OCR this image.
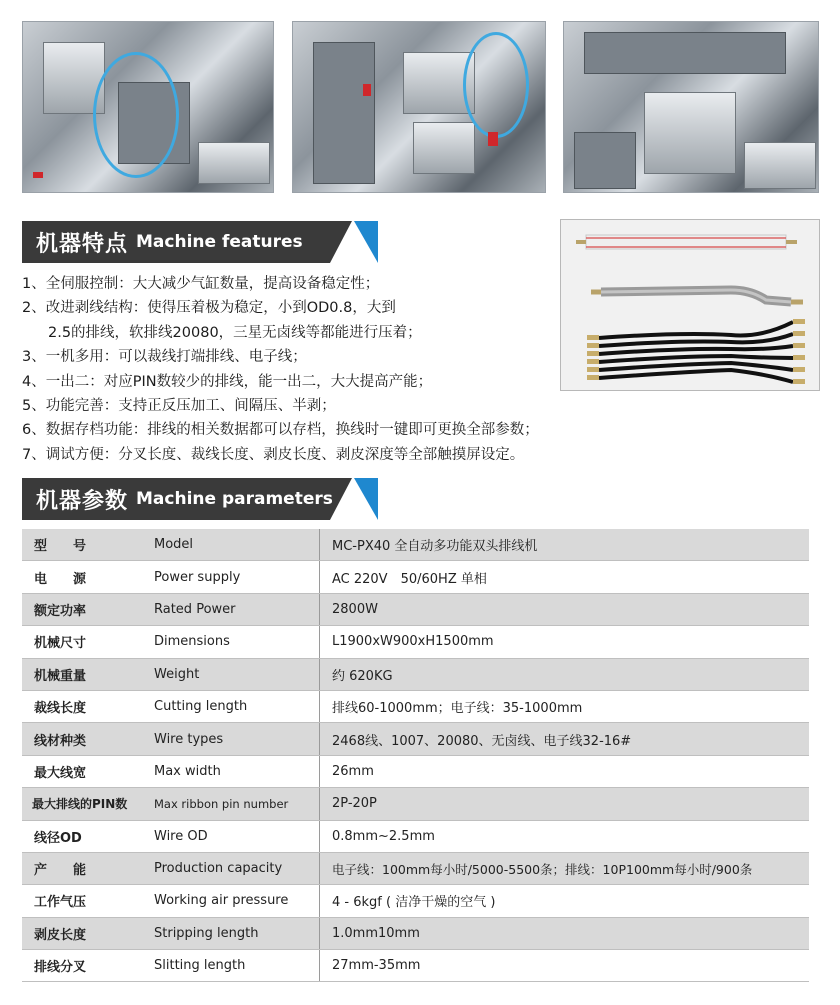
机器特点 Machine features
1、全伺服控制：大大减少气缸数量，提高设备稳定性；
2、改进剥线结构：使得压着极为稳定，小到OD0.8，大到
2.5的排线，软排线20080，三星无卤线等都能进行压着；
3、一机多用：可以裁线打端排线、电子线；
4、一出二：对应PIN数较少的排线，能一出二，大大提高产能；
5、功能完善：支持正反压加工、间隔压、半剥；
6、数据存档功能：排线的相关数据都可以存档，换线时一键即可更换全部参数；
7、调试方便：分叉长度、裁线长度、剥皮长度、剥皮深度等全部触摸屏设定。
机器参数 Machine parameters
型　　号	Model	MC-PX40 全自动多功能双头排线机
电　　源	Power supply	AC 220V　50/60HZ 单相
额定功率	Rated Power	2800W
机械尺寸	Dimensions	L1900xW900xH1500mm
机械重量	Weight	约 620KG
裁线长度	Cutting length	排线60-1000mm；电子线：35-1000mm
线材种类	Wire types	2468线、1007、20080、无卤线、电子线32-16#
最大线宽	Max width	26mm
最大排线的PIN数	Max ribbon pin number	2P-20P
线径OD	Wire OD	0.8mm~2.5mm
产　　能	Production capacity	电子线：100mm每小时/5000-5500条；排线：10P100mm每小时/900条
工作气压	Working air pressure	4 - 6kgf ( 洁净干燥的空气 )
剥皮长度	Stripping length	1.0mm10mm
排线分叉	Slitting length	27mm-35mm
